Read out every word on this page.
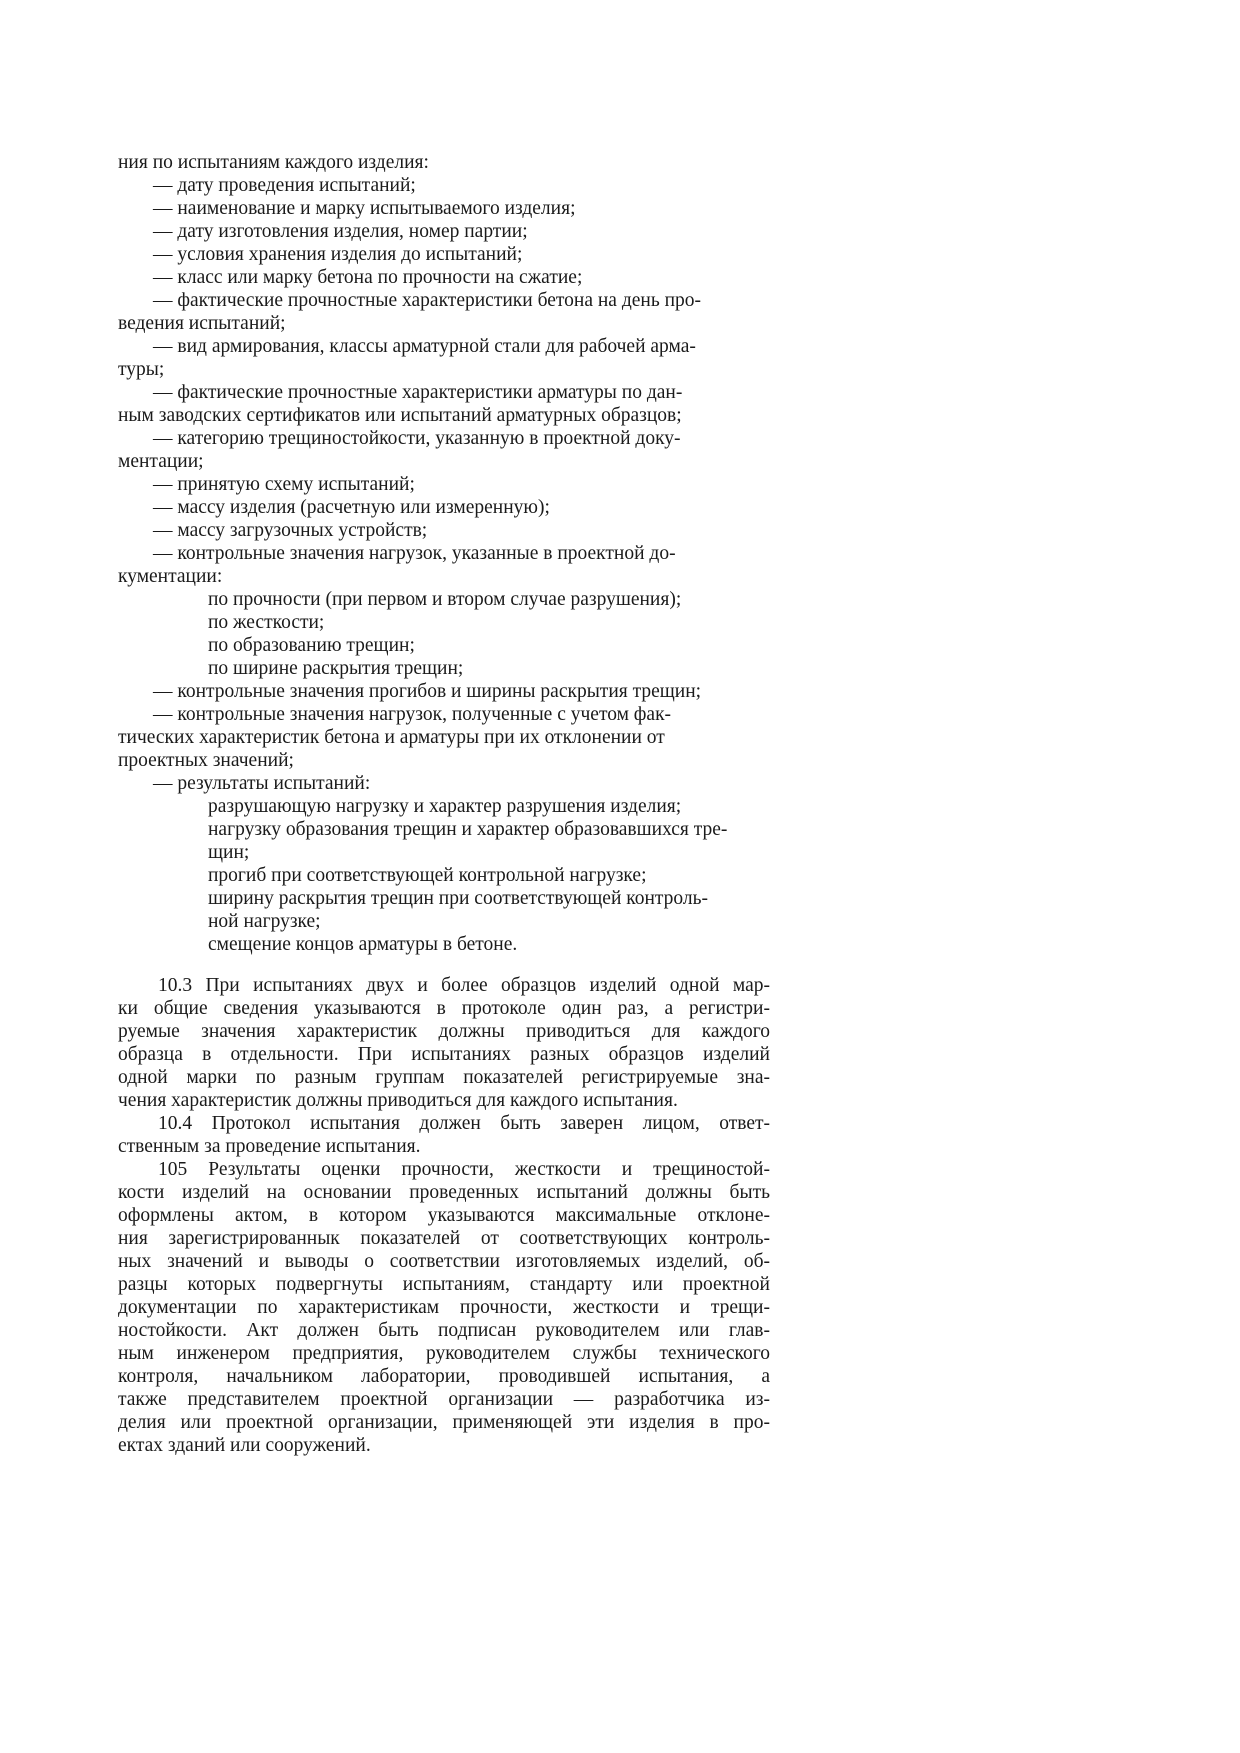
ния по испытаниям каждого изделия:
— дату проведения испытаний;
— наименование и марку испытываемого изделия;
— дату изготовления изделия, номер партии;
— условия хранения изделия до испытаний;
— класс или марку бетона по прочности на сжатие;
— фактические прочностные характеристики бетона на день про-
ведения испытаний;
— вид армирования, классы арматурной стали для рабочей арма-
туры;
— фактические прочностные характеристики арматуры по дан-
ным заводских сертификатов или испытаний арматурных образцов;
— категорию трещиностойкости, указанную в проектной доку-
ментации;
— принятую схему испытаний;
— массу изделия (расчетную или измеренную);
— массу загрузочных устройств;
— контрольные значения нагрузок, указанные в проектной до-
кументации:
по прочности (при первом и втором случае разрушения);
по жесткости;
по образованию трещин;
по ширине раскрытия трещин;
— контрольные значения прогибов и ширины раскрытия трещин;
— контрольные значения нагрузок, полученные с учетом фак-
тических характеристик бетона и арматуры при их отклонении от
проектных значений;
— результаты испытаний:
разрушающую нагрузку и характер разрушения изделия;
нагрузку образования трещин и характер образовавшихся тре-
щин;
прогиб при соответствующей контрольной нагрузке;
ширину раскрытия трещин при соответствующей контроль-
ной нагрузке;
смещение концов арматуры в бетоне.
10.3 При испытаниях двух и более образцов изделий одной мар-
ки общие сведения указываются в протоколе один раз, а регистри-
руемые значения характеристик должны приводиться для каждого
образца в отдельности. При испытаниях разных образцов изделий
одной марки по разным группам показателей регистрируемые зна-
чения характеристик должны приводиться для каждого испытания.
10.4 Протокол испытания должен быть заверен лицом, ответ-
ственным за проведение испытания.
105 Результаты оценки прочности, жесткости и трещиностой-
кости изделий на основании проведенных испытаний должны быть
оформлены актом, в котором указываются максимальные отклоне-
ния зарегистрированнык показателей от соответствующих контроль-
ных значений и выводы о соответствии изготовляемых изделий, об-
разцы которых подвергнуты испытаниям, стандарту или проектной
документации по характеристикам прочности, жесткости и трещи-
ностойкости. Акт должен быть подписан руководителем или глав-
ным инженером предприятия, руководителем службы технического
контроля, начальником лаборатории, проводившей испытания, а
также представителем проектной организации — разработчика из-
делия или проектной организации, применяющей эти изделия в про-
ектах зданий или сооружений.
